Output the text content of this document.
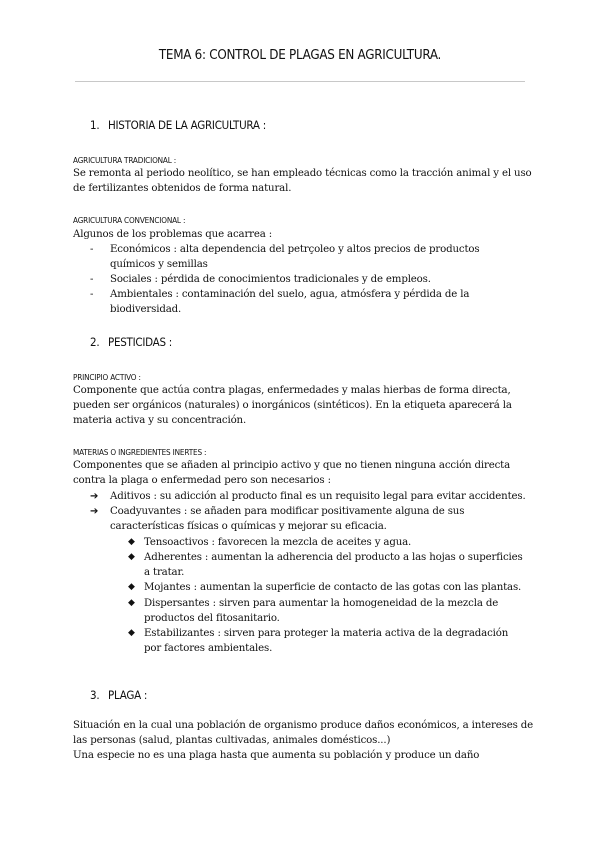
TEMA 6: CONTROL DE PLAGAS EN AGRICULTURA.
1. HISTORIA DE LA AGRICULTURA :
AGRICULTURA TRADICIONAL :
Se remonta al periodo neolítico, se han empleado técnicas como la tracción animal y el uso de fertilizantes obtenidos de forma natural.
AGRICULTURA CONVENCIONAL :
Algunos de los problemas que acarrea :
- Económicos : alta dependencia del petrçoleo y altos precios de productos químicos y semillas
- Sociales : pérdida de conocimientos tradicionales y de empleos.
- Ambientales : contaminación del suelo, agua, atmósfera y pérdida de la biodiversidad.
2. PESTICIDAS :
PRINCIPIO ACTIVO :
Componente que actúa contra plagas, enfermedades y malas hierbas de forma directa, pueden ser orgánicos (naturales) o inorgánicos (sintéticos). En la etiqueta aparecerá la materia activa y su concentración.
MATERIAS O INGREDIENTES INERTES :
Componentes que se añaden al principio activo y que no tienen ninguna acción directa contra la plaga o enfermedad pero son necesarios :
➔ Aditivos : su adicción al producto final es un requisito legal para evitar accidentes.
➔ Coadyuvantes : se añaden para modificar positivamente alguna de sus características físicas o químicas y mejorar su eficacia.
◆ Tensoactivos : favorecen la mezcla de aceites y agua.
◆ Adherentes : aumentan la adherencia del producto a las hojas o superficies a tratar.
◆ Mojantes : aumentan la superficie de contacto de las gotas con las plantas.
◆ Dispersantes : sirven para aumentar la homogeneidad de la mezcla de productos del fitosanitario.
◆ Estabilizantes : sirven para proteger la materia activa de la degradación por factores ambientales.
3. PLAGA :
Situación en la cual una población de organismo produce daños económicos, a intereses de las personas (salud, plantas cultivadas, animales domésticos...)
Una especie no es una plaga hasta que aumenta su población y produce un daño
